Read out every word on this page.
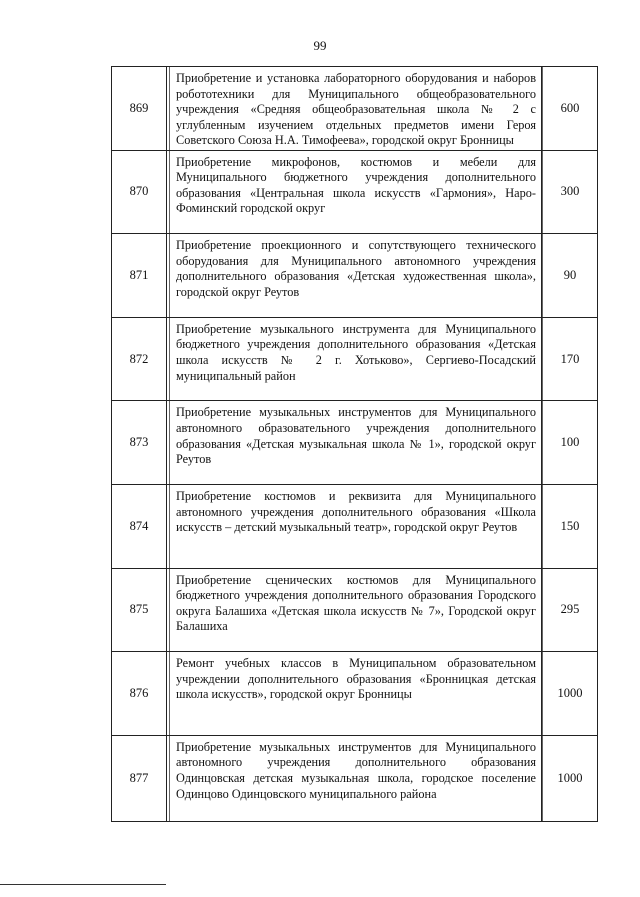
99
869
Приобретение и установка лабораторного оборудования и наборов робототехники для Муниципального общеобразовательного учреждения «Средняя общеобразовательная школа № 2 с углубленным изучением отдельных предметов имени Героя Советского Союза Н.А. Тимофеева», городской округ Бронницы
600
870
Приобретение микрофонов, костюмов и мебели для Муниципального бюджетного учреждения дополнительного образования «Центральная школа искусств «Гармония», Наро-Фоминский городской округ
300
871
Приобретение проекционного и сопутствующего технического оборудования для Муниципального автономного учреждения дополнительного образования «Детская художественная школа», городской округ Реутов
90
872
Приобретение музыкального инструмента для Муниципального бюджетного учреждения дополнительного образования «Детская школа искусств № 2 г. Хотьково», Сергиево-Посадский муниципальный район
170
873
Приобретение музыкальных инструментов для Муниципального автономного образовательного учреждения дополнительного образования «Детская музыкальная школа № 1», городской округ Реутов
100
874
Приобретение костюмов и реквизита для Муниципального автономного учреждения дополнительного образования «Школа искусств – детский музыкальный театр», городской округ Реутов	150
875
Приобретение сценических костюмов для Муниципального бюджетного учреждения дополнительного образования Городского округа Балашиха «Детская школа искусств № 7», Городской округ Балашиха
295
876
Ремонт учебных классов в Муниципальном образовательном учреждении дополнительного образования «Бронницкая детская школа искусств», городской округ Бронницы	1000
877
Приобретение музыкальных инструментов для Муниципального автономного учреждения дополнительного образования Одинцовская детская музыкальная школа, городское поселение Одинцово Одинцовского муниципального района
1000
